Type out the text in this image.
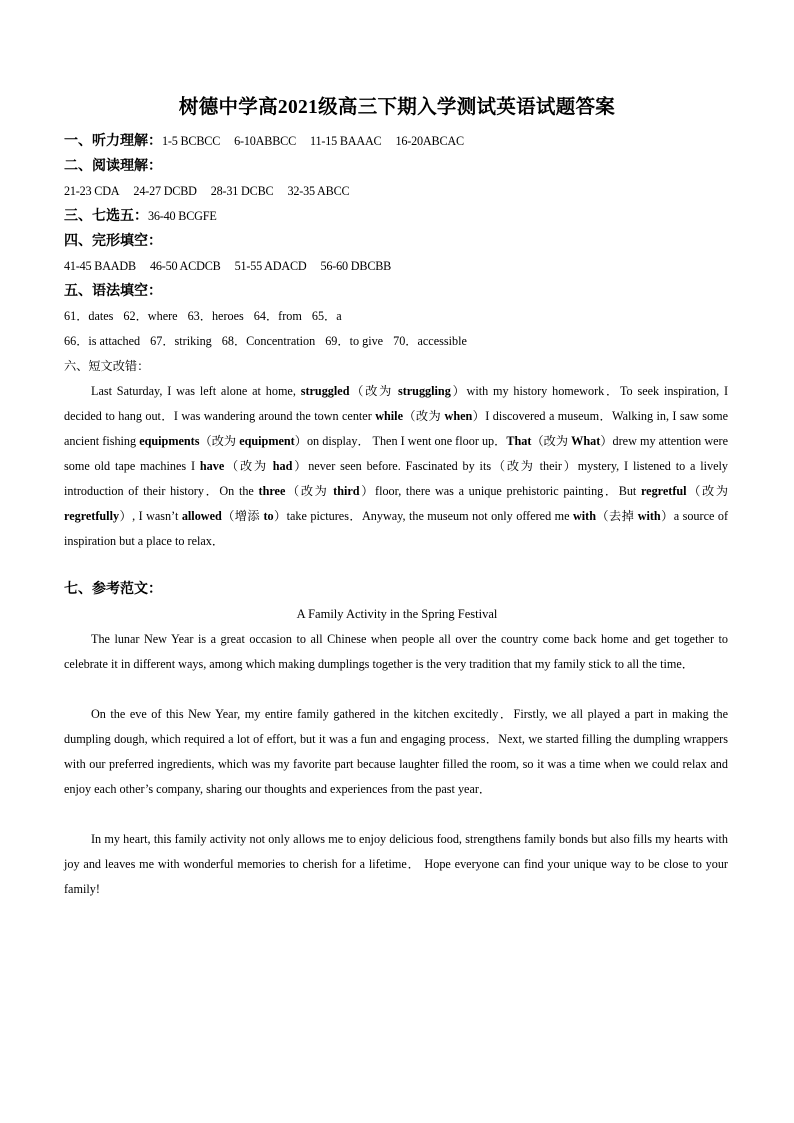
树德中学高2021级高三下期入学测试英语试题答案
一、听力理解：1-5 BCBCC 6-10ABBCC 11-15 BAAAC 16-20ABCAC
二、阅读理解：
21-23 CDA 24-27 DCBD 28-31 DCBC 32-35 ABCC
三、七选五：36-40 BCGFE
四、完形填空：
41-45 BAADB 46-50 ACDCB 51-55 ADACD 56-60 DBCBB
五、语法填空：
61．dates 62．where 63．heroes 64．from 65．a
66．is attached 67．striking 68．Concentration 69．to give 70．accessible
六、短文改错：

Last Saturday, I was left alone at home, struggled（改为 struggling）with my history homework．To seek inspiration, I decided to hang out．I was wandering around the town center while（改为 when）I discovered a museum．Walking in, I saw some ancient fishing equipments（改为 equipment）on display． Then I went one floor up．That（改为 What）drew my attention were some old tape machines I have（改为 had）never seen before. Fascinated by its（改为 their）mystery, I listened to a lively introduction of their history．On the three（改为 third）floor, there was a unique prehistoric painting．But regretful（改为 regretfully）, I wasn’t allowed（增添 to）take pictures．Anyway, the museum not only offered me with（去掉 with）a source of inspiration but a place to relax．

七、参考范文：
A Family Activity in the Spring Festival

The lunar New Year is a great occasion to all Chinese when people all over the country come back home and get together to celebrate it in different ways, among which making dumplings together is the very tradition that my family stick to all the time．

On the eve of this New Year, my entire family gathered in the kitchen excitedly．Firstly, we all played a part in making the dumpling dough, which required a lot of effort, but it was a fun and engaging process．Next, we started filling the dumpling wrappers with our preferred ingredients, which was my favorite part because laughter filled the room, so it was a time when we could relax and enjoy each other’s company, sharing our thoughts and experiences from the past year．

In my heart, this family activity not only allows me to enjoy delicious food, strengthens family bonds but also fills my hearts with joy and leaves me with wonderful memories to cherish for a lifetime． Hope everyone can find your unique way to be close to your family!
